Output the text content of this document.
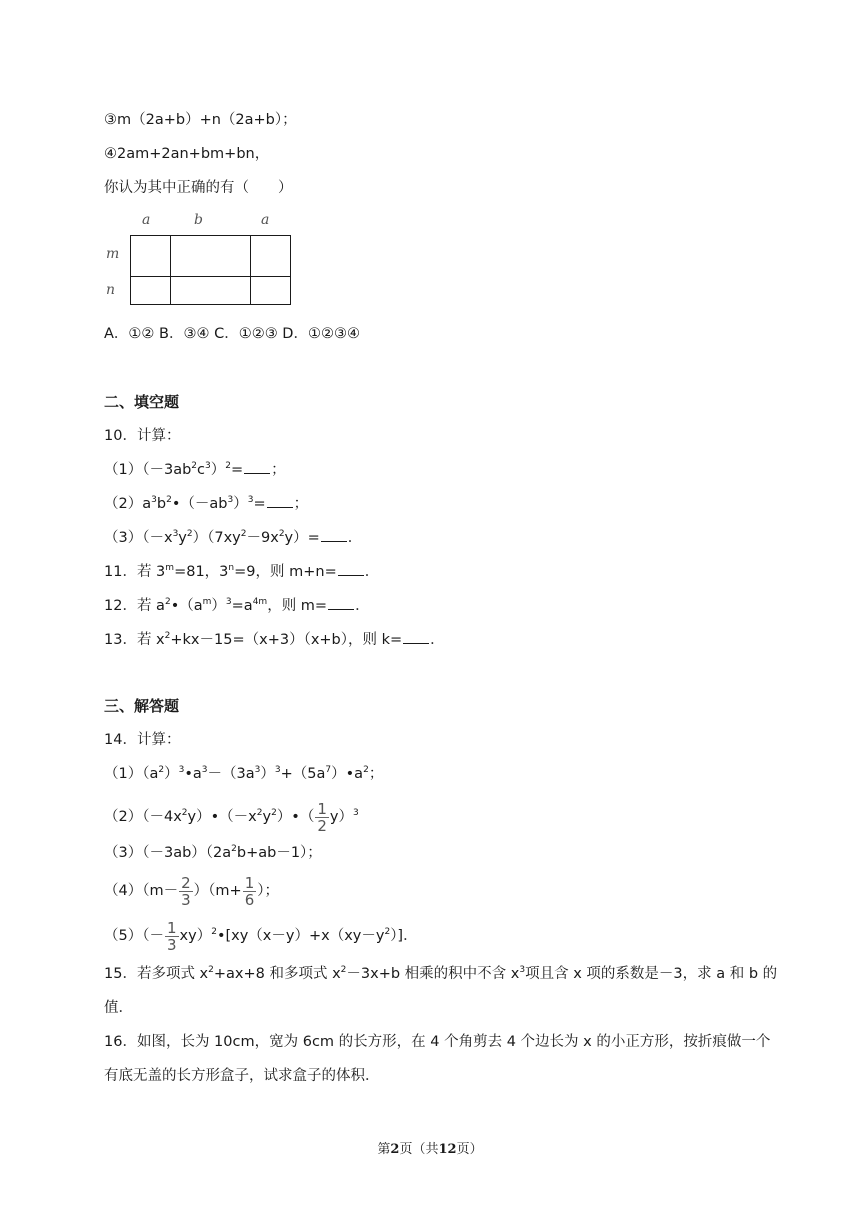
③m（2a+b）+n（2a+b）；
④2am+2an+bm+bn，
你认为其中正确的有（　　）
a	b	a
m
n
A．①② B．③④ C．①②③ D．①②③④
二、填空题
10．计算：
$(1)(-3ab^2c^3)^2=$ ；
$(2)a^3b^2•(-ab^3)^3=$ ；
$(3)(-x^3y^2)(7xy^2-9x^2y)=$ ．
11．若 $3^m=81$，$3^n=9$，则 m+n= ．
12．若 $a^2•(a^m)^3=a^{4m}$，则 m= ．
13．若 $x^2+kx-15=(x+3)(x+b)$，则 k= ．
三、解答题
14．计算：
$(1)(a^2)^3•a^3-(3a^3)^3+(5a^7)•a^2$；
$(2)(-4x^2y)•(-x^2y^2)•( \frac{1}{2} y)^3$
$(3)(-3ab)(2a^2b+ab-1)$；
$(4)(m- \frac{2}{3} )(m+ \frac{1}{6}$ ）；
$(5)(- \frac{1}{3}$ $xy)^2•[xy(x-y)+x(xy-y^2)]$．
15．若多项式 $x^2+ax+8$ 和多项式 $x^2-3x+b$ 相乘的积中不含 $x^3$项且含 x 项的系数是－3，求 a 和 b 的
值．
16．如图，长为 10cm，宽为 6cm 的长方形，在 4 个角剪去 4 个边长为 x 的小正方形，按折痕做一个
有底无盖的长方形盒子，试求盒子的体积．
第2页（共12页）
